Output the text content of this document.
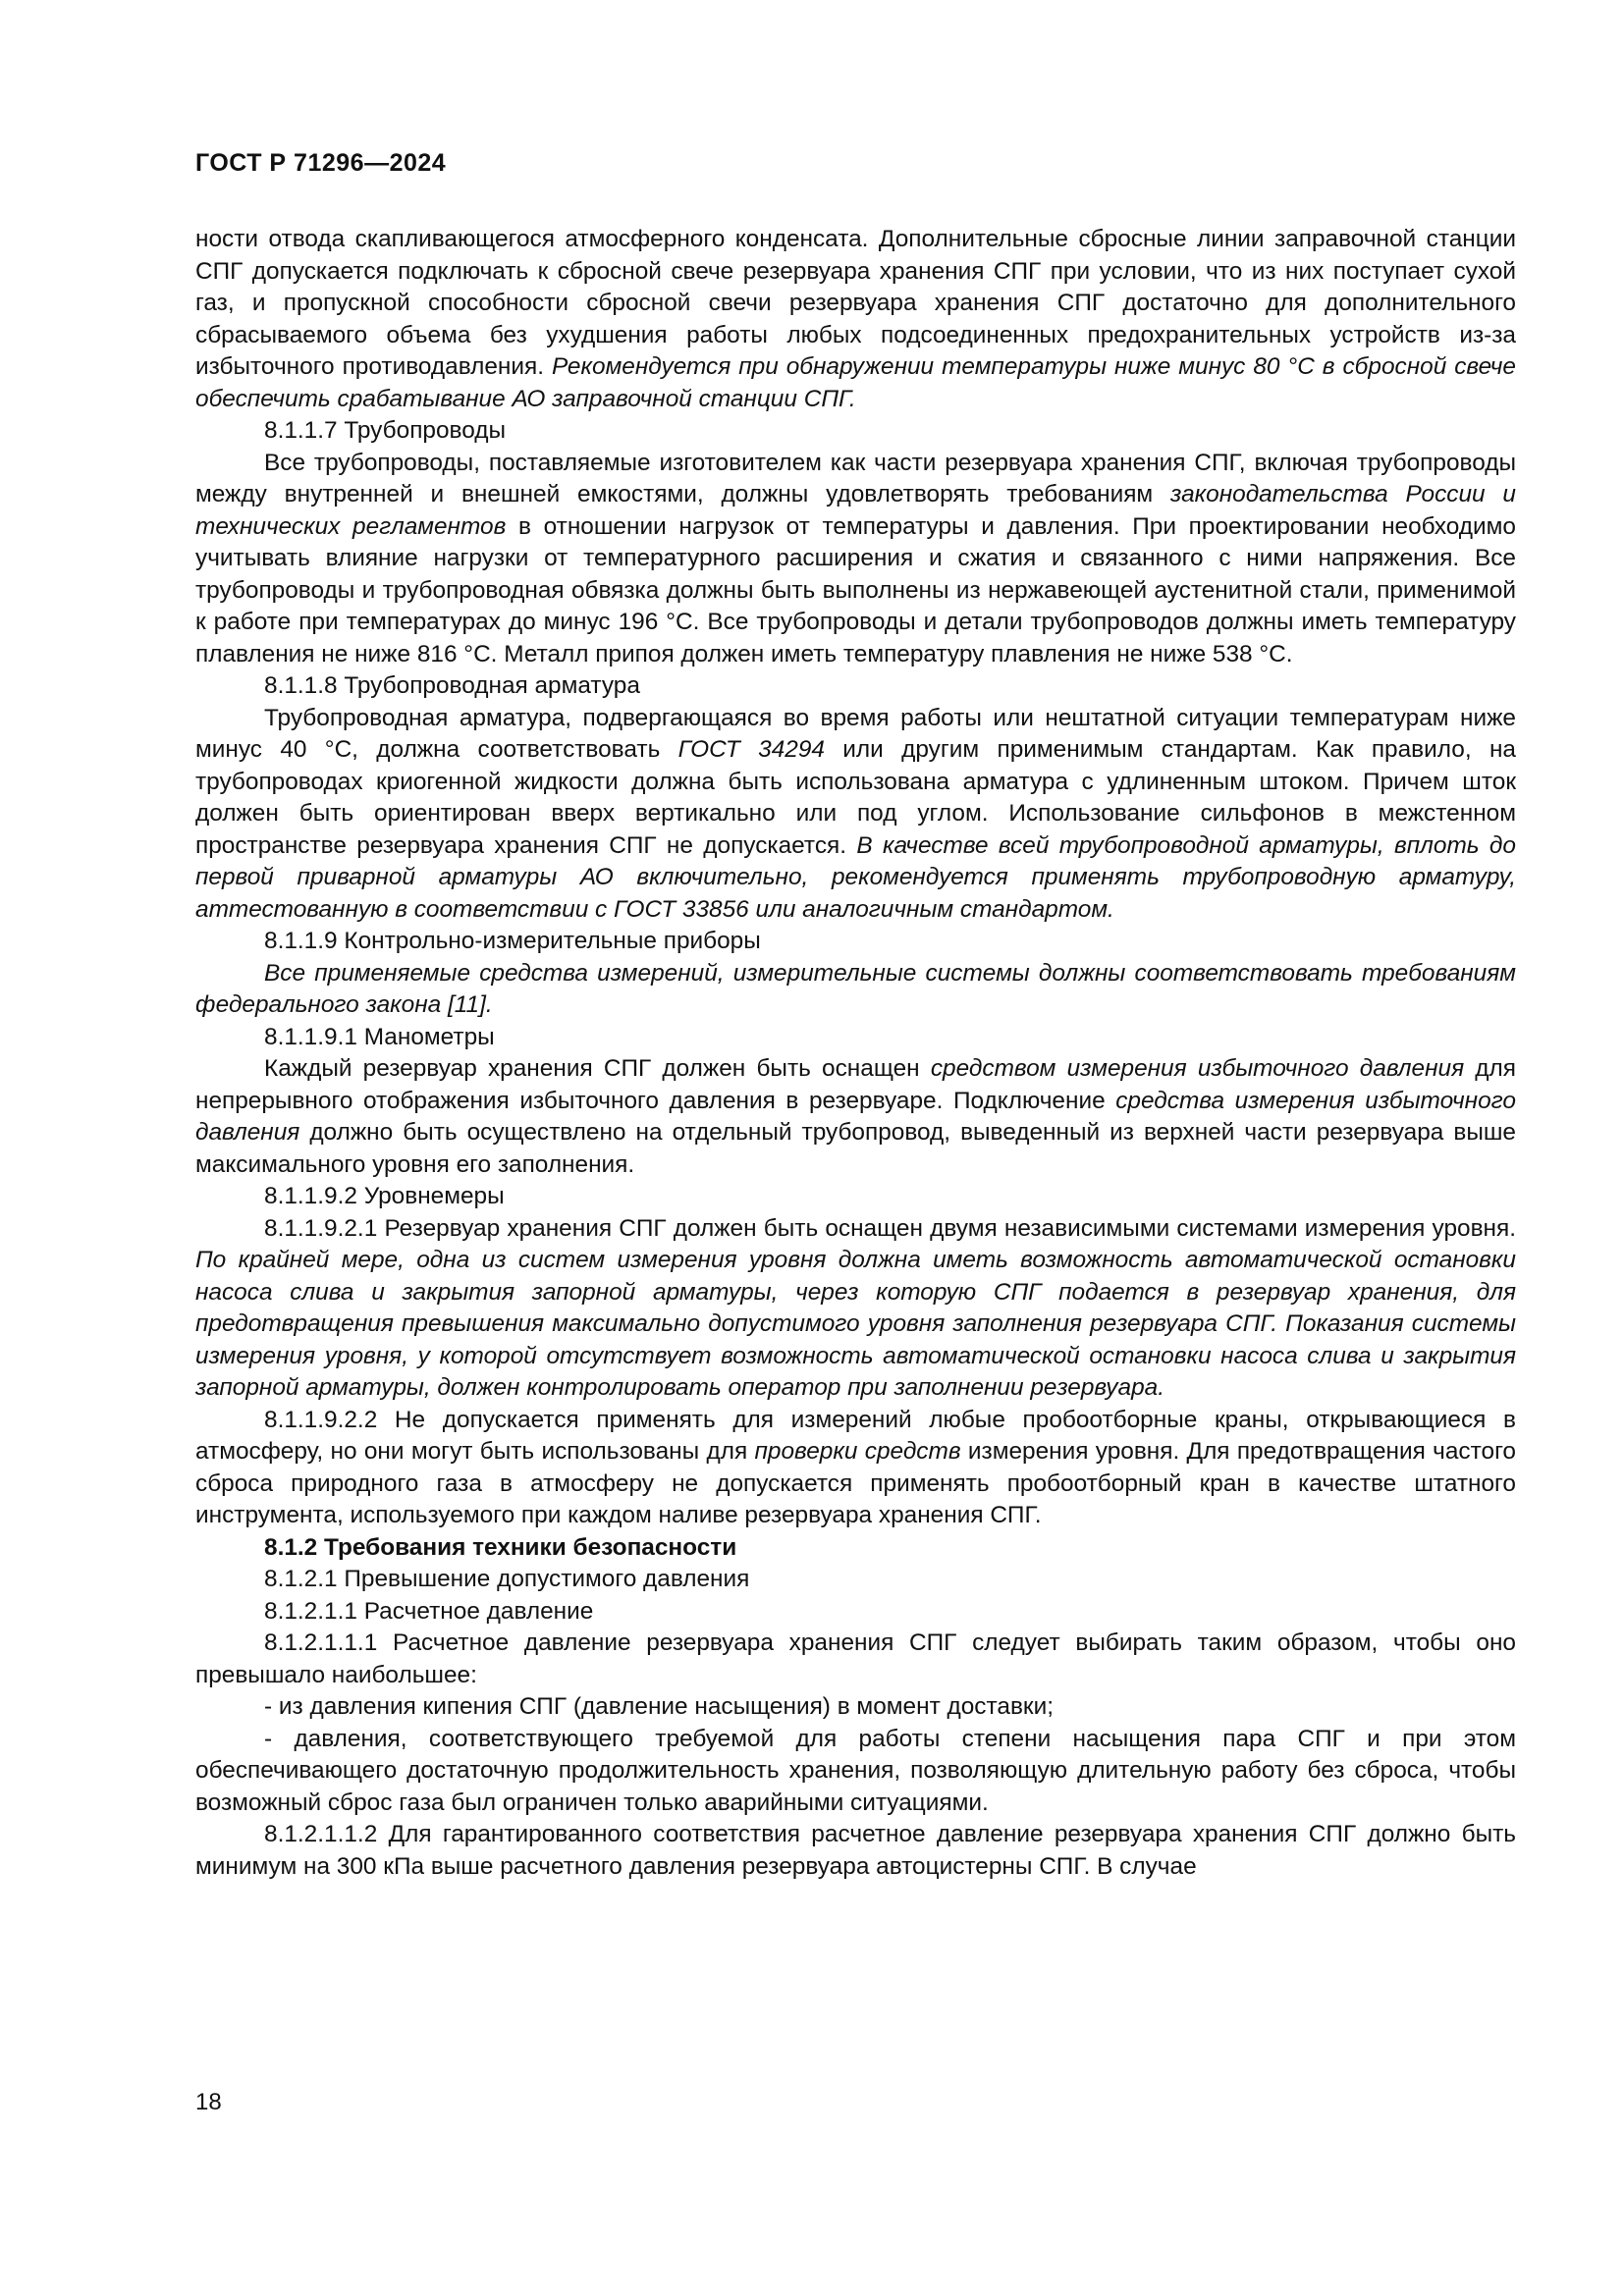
ГОСТ Р 71296—2024

ности отвода скапливающегося атмосферного конденсата. Дополнительные сбросные линии заправочной станции СПГ допускается подключать к сбросной свече резервуара хранения СПГ при условии, что из них поступает сухой газ, и пропускной способности сбросной свечи резервуара хранения СПГ достаточно для дополнительного сбрасываемого объема без ухудшения работы любых подсоединенных предохранительных устройств из-за избыточного противодавления. Рекомендуется при обнаружении температуры ниже минус 80 °С в сбросной свече обеспечить срабатывание АО заправочной станции СПГ.

8.1.1.7 Трубопроводы

Все трубопроводы, поставляемые изготовителем как части резервуара хранения СПГ, включая трубопроводы между внутренней и внешней емкостями, должны удовлетворять требованиям законодательства России и технических регламентов в отношении нагрузок от температуры и давления. При проектировании необходимо учитывать влияние нагрузки от температурного расширения и сжатия и связанного с ними напряжения. Все трубопроводы и трубопроводная обвязка должны быть выполнены из нержавеющей аустенитной стали, применимой к работе при температурах до минус 196 °С. Все трубопроводы и детали трубопроводов должны иметь температуру плавления не ниже 816 °С. Металл припоя должен иметь температуру плавления не ниже 538 °С.

8.1.1.8 Трубопроводная арматура

Трубопроводная арматура, подвергающаяся во время работы или нештатной ситуации температурам ниже минус 40 °С, должна соответствовать ГОСТ 34294 или другим применимым стандартам. Как правило, на трубопроводах криогенной жидкости должна быть использована арматура с удлиненным штоком. Причем шток должен быть ориентирован вверх вертикально или под углом. Использование сильфонов в межстенном пространстве резервуара хранения СПГ не допускается. В качестве всей трубопроводной арматуры, вплоть до первой приварной арматуры АО включительно, рекомендуется применять трубопроводную арматуру, аттестованную в соответствии с ГОСТ 33856 или аналогичным стандартом.

8.1.1.9 Контрольно-измерительные приборы

Все применяемые средства измерений, измерительные системы должны соответствовать требованиям федерального закона [11].

8.1.1.9.1 Манометры

Каждый резервуар хранения СПГ должен быть оснащен средством измерения избыточного давления для непрерывного отображения избыточного давления в резервуаре. Подключение средства измерения избыточного давления должно быть осуществлено на отдельный трубопровод, выведенный из верхней части резервуара выше максимального уровня его заполнения.

8.1.1.9.2 Уровнемеры

8.1.1.9.2.1 Резервуар хранения СПГ должен быть оснащен двумя независимыми системами измерения уровня. По крайней мере, одна из систем измерения уровня должна иметь возможность автоматической остановки насоса слива и закрытия запорной арматуры, через которую СПГ подается в резервуар хранения, для предотвращения превышения максимально допустимого уровня заполнения резервуара СПГ. Показания системы измерения уровня, у которой отсутствует возможность автоматической остановки насоса слива и закрытия запорной арматуры, должен контролировать оператор при заполнении резервуара.

8.1.1.9.2.2 Не допускается применять для измерений любые пробоотборные краны, открывающиеся в атмосферу, но они могут быть использованы для проверки средств измерения уровня. Для предотвращения частого сброса природного газа в атмосферу не допускается применять пробоотборный кран в качестве штатного инструмента, используемого при каждом наливе резервуара хранения СПГ.

8.1.2 Требования техники безопасности

8.1.2.1 Превышение допустимого давления

8.1.2.1.1 Расчетное давление

8.1.2.1.1.1 Расчетное давление резервуара хранения СПГ следует выбирать таким образом, чтобы оно превышало наибольшее:

- из давления кипения СПГ (давление насыщения) в момент доставки;

- давления, соответствующего требуемой для работы степени насыщения пара СПГ и при этом обеспечивающего достаточную продолжительность хранения, позволяющую длительную работу без сброса, чтобы возможный сброс газа был ограничен только аварийными ситуациями.

8.1.2.1.1.2 Для гарантированного соответствия расчетное давление резервуара хранения СПГ должно быть минимум на 300 кПа выше расчетного давления резервуара автоцистерны СПГ. В случае

18
